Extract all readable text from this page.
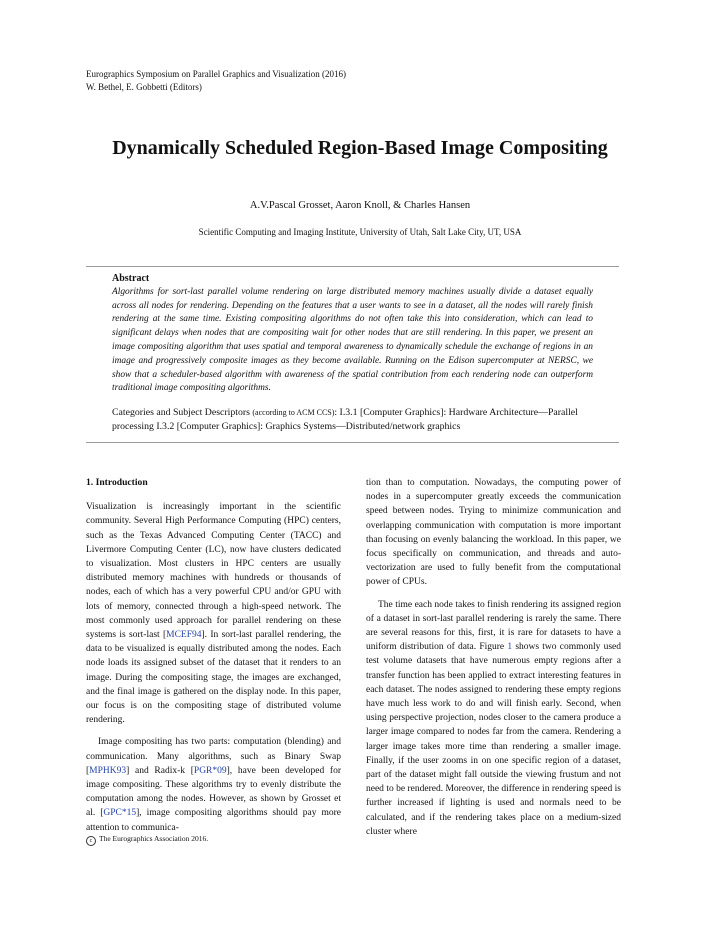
Eurographics Symposium on Parallel Graphics and Visualization (2016)
W. Bethel, E. Gobbetti (Editors)
Dynamically Scheduled Region-Based Image Compositing
A.V.Pascal Grosset, Aaron Knoll, & Charles Hansen
Scientific Computing and Imaging Institute, University of Utah, Salt Lake City, UT, USA
Abstract
Algorithms for sort-last parallel volume rendering on large distributed memory machines usually divide a dataset equally across all nodes for rendering. Depending on the features that a user wants to see in a dataset, all the nodes will rarely finish rendering at the same time. Existing compositing algorithms do not often take this into consideration, which can lead to significant delays when nodes that are compositing wait for other nodes that are still rendering. In this paper, we present an image compositing algorithm that uses spatial and temporal awareness to dynamically schedule the exchange of regions in an image and progressively composite images as they become available. Running on the Edison supercomputer at NERSC, we show that a scheduler-based algorithm with awareness of the spatial contribution from each rendering node can outperform traditional image compositing algorithms.
Categories and Subject Descriptors (according to ACM CCS): I.3.1 [Computer Graphics]: Hardware Architecture—Parallel processing I.3.2 [Computer Graphics]: Graphics Systems—Distributed/network graphics
1. Introduction

Visualization is increasingly important in the scientific community. Several High Performance Computing (HPC) centers, such as the Texas Advanced Computing Center (TACC) and Livermore Computing Center (LC), now have clusters dedicated to visualization. Most clusters in HPC centers are usually distributed memory machines with hundreds or thousands of nodes, each of which has a very powerful CPU and/or GPU with lots of memory, connected through a high-speed network. The most commonly used approach for parallel rendering on these systems is sort-last [MCEF94]. In sort-last parallel rendering, the data to be visualized is equally distributed among the nodes. Each node loads its assigned subset of the dataset that it renders to an image. During the compositing stage, the images are exchanged, and the final image is gathered on the display node. In this paper, our focus is on the compositing stage of distributed volume rendering.

Image compositing has two parts: computation (blending) and communication. Many algorithms, such as Binary Swap [MPHK93] and Radix-k [PGR*09], have been developed for image compositing. These algorithms try to evenly distribute the computation among the nodes. However, as shown by Grosset et al. [GPC*15], image compositing algorithms should pay more attention to communica-

tion than to computation. Nowadays, the computing power of nodes in a supercomputer greatly exceeds the communication speed between nodes. Trying to minimize communication and overlapping communication with computation is more important than focusing on evenly balancing the workload. In this paper, we focus specifically on communication, and threads and auto-vectorization are used to fully benefit from the computational power of CPUs.

The time each node takes to finish rendering its assigned region of a dataset in sort-last parallel rendering is rarely the same. There are several reasons for this, first, it is rare for datasets to have a uniform distribution of data. Figure 1 shows two commonly used test volume datasets that have numerous empty regions after a transfer function has been applied to extract interesting features in each dataset. The nodes assigned to rendering these empty regions have much less work to do and will finish early. Second, when using perspective projection, nodes closer to the camera produce a larger image compared to nodes far from the camera. Rendering a larger image takes more time than rendering a smaller image. Finally, if the user zooms in on one specific region of a dataset, part of the dataset might fall outside the viewing frustum and not need to be rendered. Moreover, the difference in rendering speed is further increased if lighting is used and normals need to be calculated, and if the rendering takes place on a medium-sized cluster where

c The Eurographics Association 2016.
